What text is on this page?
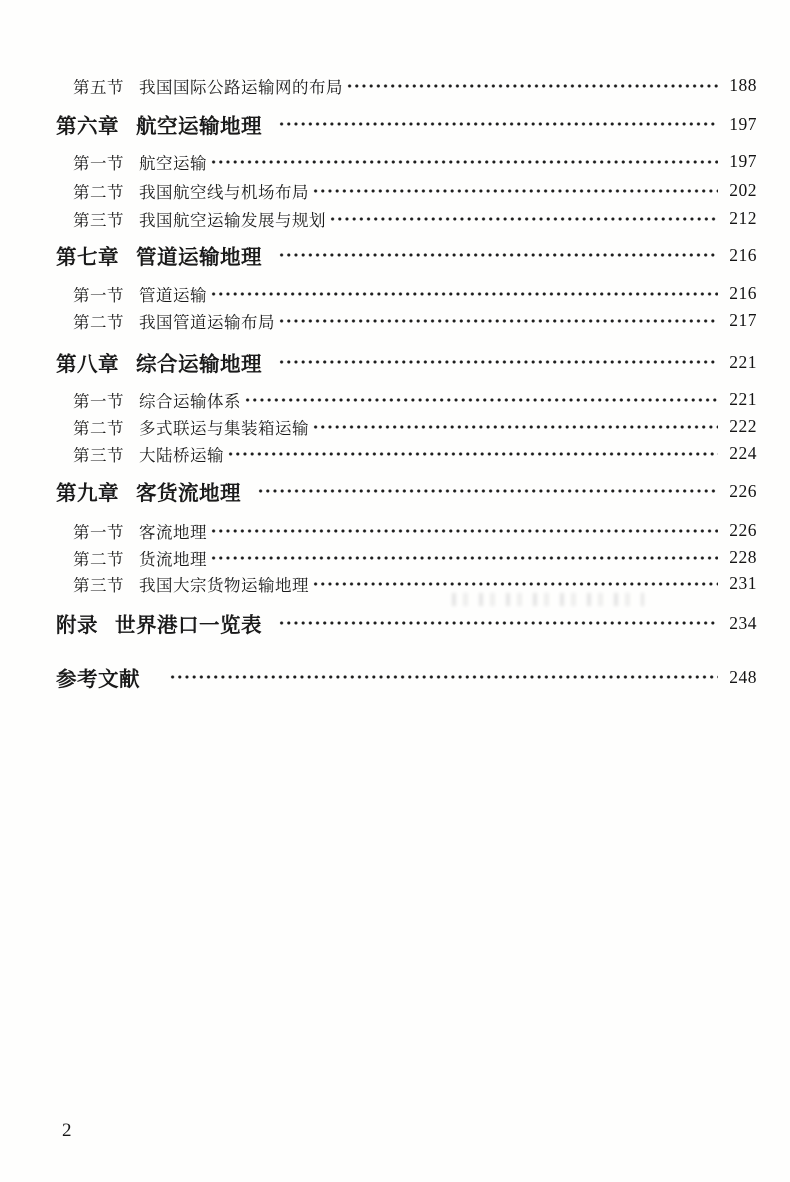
第五节 我国国际公路运输网的布局	188
第六章 航空运输地理	197
第一节 航空运输	197
第二节 我国航空线与机场布局	202
第三节 我国航空运输发展与规划	212
第七章 管道运输地理	216
第一节 管道运输	216
第二节 我国管道运输布局	217
第八章 综合运输地理	221
第一节 综合运输体系	221
第二节 多式联运与集装箱运输	222
第三节 大陆桥运输	224
第九章 客货流地理	226
第一节 客流地理	226
第二节 货流地理	228
第三节 我国大宗货物运输地理	231
附录 世界港口一览表	234
参考文献	248
2
